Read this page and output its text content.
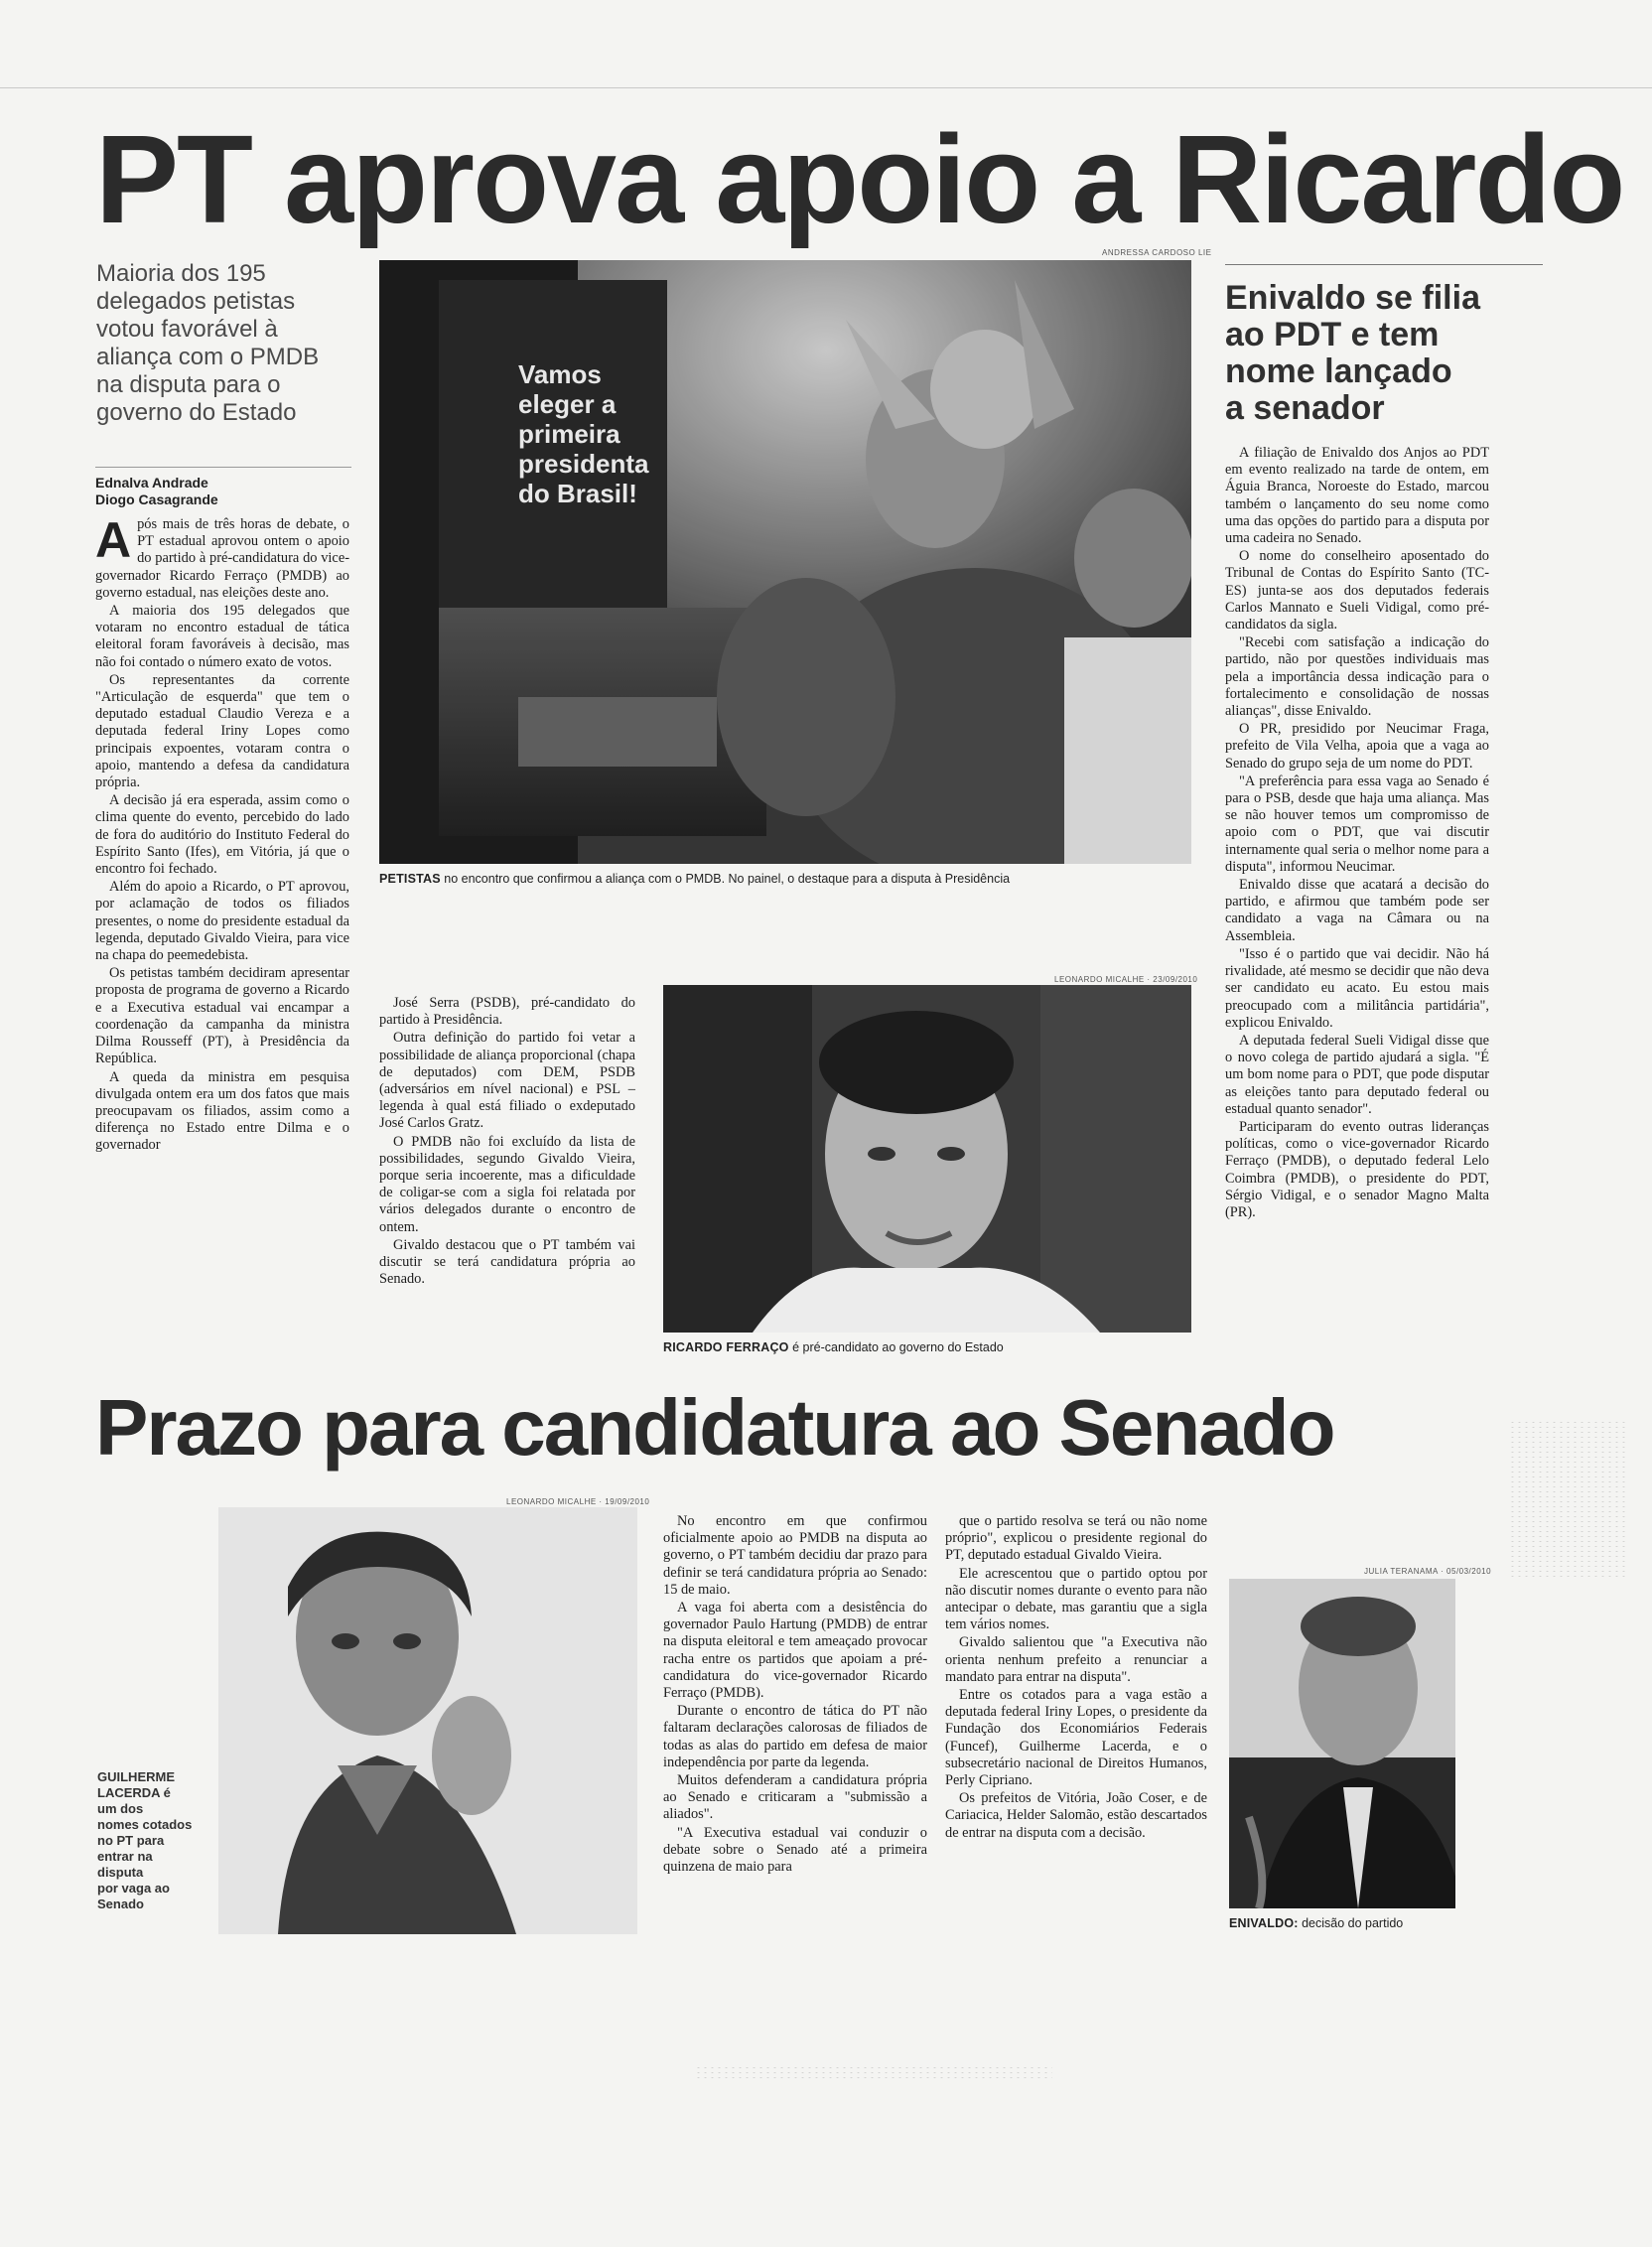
PT aprova apoio a Ricardo

Maioria dos 195
delegados petistas
votou favorável à
aliança com o PMDB
na disputa para o
governo do Estado

Ednalva Andrade
Diogo Casagrande

Após mais de três horas de debate, o PT estadual aprovou ontem o apoio do partido à pré-candidatura do vice-governador Ricardo Ferraço (PMDB) ao governo estadual, nas eleições deste ano.

A maioria dos 195 delegados que votaram no encontro estadual de tática eleitoral foram favoráveis à decisão, mas não foi contado o número exato de votos.

Os representantes da corrente "Articulação de esquerda" que tem o deputado estadual Claudio Vereza e a deputada federal Iriny Lopes como principais expoentes, votaram contra o apoio, mantendo a defesa da candidatura própria.

A decisão já era esperada, assim como o clima quente do evento, percebido do lado de fora do auditório do Instituto Federal do Espírito Santo (Ifes), em Vitória, já que o encontro foi fechado.

Além do apoio a Ricardo, o PT aprovou, por aclamação de todos os filiados presentes, o nome do presidente estadual da legenda, deputado Givaldo Vieira, para vice na chapa do peemedebista.

Os petistas também decidiram apresentar proposta de programa de governo a Ricardo e a Executiva estadual vai encampar a coordenação da campanha da ministra Dilma Rousseff (PT), à Presidência da República.

A queda da ministra em pesquisa divulgada ontem era um dos fatos que mais preocupavam os filiados, assim como a diferença no Estado entre Dilma e o governador

ANDRESSA CARDOSO LIE
Vamos
eleger a
primeira
presidenta
do Brasil!
PETISTAS no encontro que confirmou a aliança com o PMDB. No painel, o destaque para a disputa à Presidência

José Serra (PSDB), pré-candidato do partido à Presidência.

Outra definição do partido foi vetar a possibilidade de aliança proporcional (chapa de deputados) com DEM, PSDB (adversários em nível nacional) e PSL – legenda à qual está filiado o exdeputado José Carlos Gratz.

O PMDB não foi excluído da lista de possibilidades, segundo Givaldo Vieira, porque seria incoerente, mas a dificuldade de coligar-se com a sigla foi relatada por vários delegados durante o encontro de ontem.

Givaldo destacou que o PT também vai discutir se terá candidatura própria ao Senado.

LEONARDO MICALHE · 23/09/2010
RICARDO FERRAÇO é pré-candidato ao governo do Estado
Enivaldo se filia
ao PDT e tem
nome lançado
a senador

A filiação de Enivaldo dos Anjos ao PDT em evento realizado na tarde de ontem, em Águia Branca, Noroeste do Estado, marcou também o lançamento do seu nome como uma das opções do partido para a disputa por uma cadeira no Senado.

O nome do conselheiro aposentado do Tribunal de Contas do Espírito Santo (TC-ES) junta-se aos dos deputados federais Carlos Mannato e Sueli Vidigal, como pré-candidatos da sigla.

"Recebi com satisfação a indicação do partido, não por questões individuais mas pela a importância dessa indicação para o fortalecimento e consolidação de nossas alianças", disse Enivaldo.

O PR, presidido por Neucimar Fraga, prefeito de Vila Velha, apoia que a vaga ao Senado do grupo seja de um nome do PDT.

"A preferência para essa vaga ao Senado é para o PSB, desde que haja uma aliança. Mas se não houver temos um compromisso de apoio com o PDT, que vai discutir internamente qual seria o melhor nome para a disputa", informou Neucimar.

Enivaldo disse que acatará a decisão do partido, e afirmou que também pode ser candidato a vaga na Câmara ou na Assembleia.

"Isso é o partido que vai decidir. Não há rivalidade, até mesmo se decidir que não deva ser candidato eu acato. Eu estou mais preocupado com a militância partidária", explicou Enivaldo.

A deputada federal Sueli Vidigal disse que o novo colega de partido ajudará a sigla. "É um bom nome para o PDT, que pode disputar as eleições tanto para deputado federal ou estadual quanto senador".

Participaram do evento outras lideranças políticas, como o vice-governador Ricardo Ferraço (PMDB), o deputado federal Lelo Coimbra (PMDB), o presidente do PDT, Sérgio Vidigal, e o senador Magno Malta (PR).

JULIA TERANAMA · 05/03/2010
ENIVALDO: decisão do partido
Prazo para candidatura ao Senado
LEONARDO MICALHE · 19/09/2010

GUILHERME
LACERDA é
um dos
nomes cotados
no PT para
entrar na
disputa
por vaga ao
Senado

No encontro em que confirmou oficialmente apoio ao PMDB na disputa ao governo, o PT também decidiu dar prazo para definir se terá candidatura própria ao Senado: 15 de maio.

A vaga foi aberta com a desistência do governador Paulo Hartung (PMDB) de entrar na disputa eleitoral e tem ameaçado provocar racha entre os partidos que apoiam a pré-candidatura do vice-governador Ricardo Ferraço (PMDB).

Durante o encontro de tática do PT não faltaram declarações calorosas de filiados de todas as alas do partido em defesa de maior independência por parte da legenda.

Muitos defenderam a candidatura própria ao Senado e criticaram a "submissão a aliados".

"A Executiva estadual vai conduzir o debate sobre o Senado até a primeira quinzena de maio para

que o partido resolva se terá ou não nome próprio", explicou o presidente regional do PT, deputado estadual Givaldo Vieira.

Ele acrescentou que o partido optou por não discutir nomes durante o evento para não antecipar o debate, mas garantiu que a sigla tem vários nomes.

Givaldo salientou que "a Executiva não orienta nenhum prefeito a renunciar a mandato para entrar na disputa".

Entre os cotados para a vaga estão a deputada federal Iriny Lopes, o presidente da Fundação dos Economiários Federais (Funcef), Guilherme Lacerda, e o subsecretário nacional de Direitos Humanos, Perly Cipriano.

Os prefeitos de Vitória, João Coser, e de Cariacica, Helder Salomão, estão descartados de entrar na disputa com a decisão.
